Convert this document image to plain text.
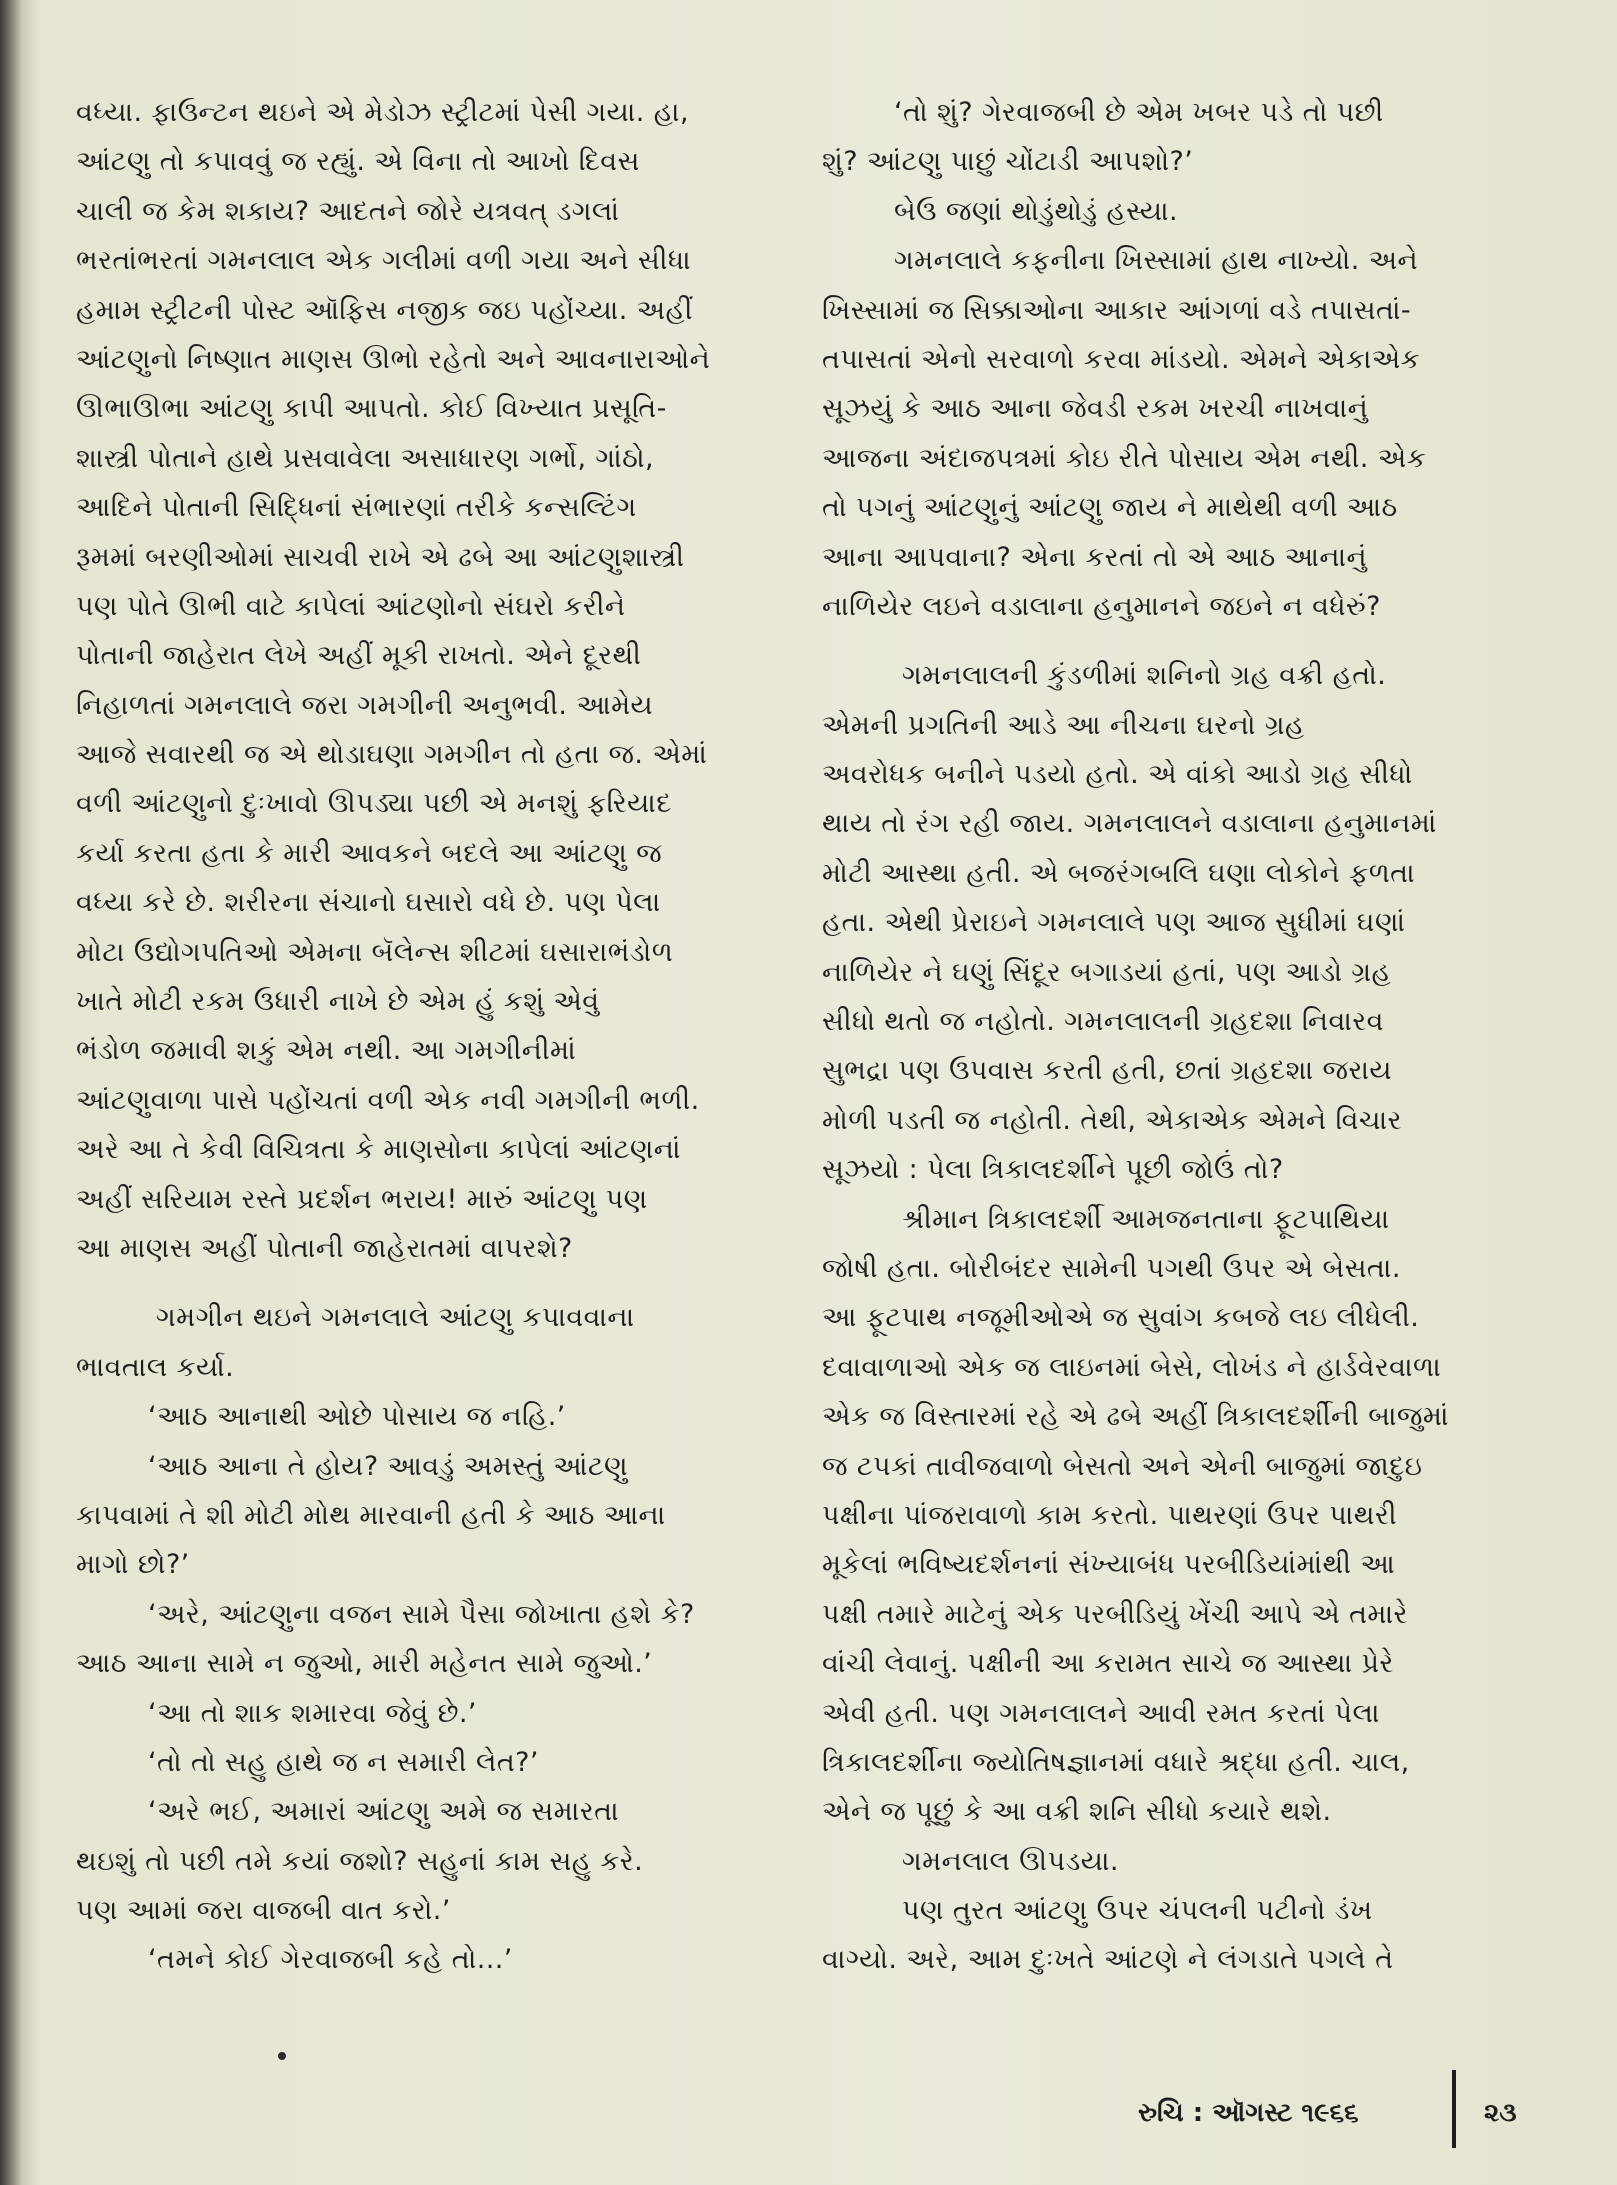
વધ્યા. ફાઉન્ટન થઇને એ મેડોઝ સ્ટ્રીટમાં પેસી ગયા. હા,
આંટણુ તો કપાવવું જ રહ્યું. એ વિના તો આખો દિવસ
ચાલી જ કેમ શકાય? આદતને જોરે યત્રવત્ ડગલાં
ભરતાંભરતાં ગમનલાલ એક ગલીમાં વળી ગયા અને સીધા
હમામ સ્ટ્રીટની પોસ્ટ ઑફિસ નજીક જઇ પહોંચ્યા. અહીં
આંટણુનો નિષ્ણાત માણસ ઊભો રહેતો અને આવનારાઓને
ઊભાઊભા આંટણુ કાપી આપતો. કોઈ વિખ્યાત પ્રસૂતિ-
શાસ્ત્રી પોતાને હાથે પ્રસવાવેલા અસાધારણ ગર્ભો, ગાંઠો,
આદિને પોતાની સિદ્ધિનાં સંભારણાં તરીકે કન્સલ્ટિંગ
રૂમમાં બરણીઓમાં સાચવી રાખે એ ઢબે આ આંટણુશાસ્ત્રી
પણ પોતે ઊભી વાટે કાપેલાં આંટણોનો સંઘરો કરીને
પોતાની જાહેરાત લેખે અહીં મૂકી રાખતો. એને દૂરથી
નિહાળતાં ગમનલાલે જરા ગમગીની અનુભવી. આમેય
આજે સવારથી જ એ થોડાઘણા ગમગીન તો હતા જ. એમાં
વળી આંટણુનો દુઃખાવો ઊપડ્યા પછી એ મનશું ફરિયાદ
કર્યા કરતા હતા કે મારી આવકને બદલે આ આંટણુ જ
વધ્યા કરે છે. શરીરના સંચાનો ઘસારો વધે છે. પણ પેલા
મોટા ઉદ્યોગપતિઓ એમના બૅલેન્સ શીટમાં ઘસારાભંડોળ
ખાતે મોટી રકમ ઉધારી નાખે છે એમ હું કશું એવું
ભંડોળ જમાવી શકું એમ નથી. આ ગમગીનીમાં
આંટણુવાળા પાસે પહોંચતાં વળી એક નવી ગમગીની ભળી.
અરે આ તે કેવી વિચિત્રતા કે માણસોના કાપેલાં આંટણનાં
અહીં સરિયામ રસ્તે પ્રદર્શન ભરાય! મારું આંટણુ પણ
આ માણસ અહીં પોતાની જાહેરાતમાં વાપરશે?
ગમગીન થઇને ગમનલાલે આંટણુ કપાવવાના
ભાવતાલ કર્યા.
‘આઠ આનાથી ઓછે પોસાય જ નહિ.’
‘આઠ આના તે હોય? આવડું અમસ્તું આંટણુ
કાપવામાં તે શી મોટી મોથ મારવાની હતી કે આઠ આના
માગો છો?’
‘અરે, આંટણુના વજન સામે પૈસા જોખાતા હશે કે?
આઠ આના સામે ન જુઓ, મારી મહેનત સામે જુઓ.’
‘આ તો શાક શમારવા જેવું છે.’
‘તો તો સહુ હાથે જ ન સમારી લેત?’
‘અરે ભઈ, અમારાં આંટણુ અમે જ સમારતા
થઇશું તો પછી તમે કયાં જશો? સહુનાં કામ સહુ કરે.
પણ આમાં જરા વાજબી વાત કરો.’
‘તમને કોઈ ગેરવાજબી કહે તો...’
‘તો શું? ગેરવાજબી છે એમ ખબર પડે તો પછી
શું? આંટણુ પાછું ચોંટાડી આપશો?’
બેઉ જણાં થોડુંથોડું હસ્યા.
ગમનલાલે કફનીના ખિસ્સામાં હાથ નાખ્યો. અને
ખિસ્સામાં જ સિક્કાઓના આકાર આંગળાં વડે તપાસતાં-
તપાસતાં એનો સરવાળો કરવા માંડયો. એમને એકાએક
સૂઝયું કે આઠ આના જેવડી રકમ ખરચી નાખવાનું
આજના અંદાજપત્રમાં કોઇ રીતે પોસાય એમ નથી. એક
તો પગનું આંટણુનું આંટણુ જાય ને માથેથી વળી આઠ
આના આપવાના? એના કરતાં તો એ આઠ આનાનું
નાળિયેર લઇને વડાલાના હનુમાનને જઇને ન વધેરું?
ગમનલાલની કુંડળીમાં શનિનો ગ્રહ વક્રી હતો.
એમની પ્રગતિની આડે આ નીચના ઘરનો ગ્રહ
અવરોધક બનીને પડયો હતો. એ વાંકો આડો ગ્રહ સીધો
થાય તો રંગ રહી જાય. ગમનલાલને વડાલાના હનુમાનમાં
મોટી આસ્થા હતી. એ બજરંગબલિ ઘણા લોકોને ફળતા
હતા. એથી પ્રેરાઇને ગમનલાલે પણ આજ સુધીમાં ઘણાં
નાળિયેર ને ઘણું સિંદૂર બગાડયાં હતાં, પણ આડો ગ્રહ
સીધો થતો જ નહોતો. ગમનલાલની ગ્રહદશા નિવારવ
સુભદ્રા પણ ઉપવાસ કરતી હતી, છતાં ગ્રહદશા જરાય
મોળી પડતી જ નહોતી. તેથી, એકાએક એમને વિચાર
સૂઝયો : પેલા ત્રિકાલદર્શીને પૂછી જોઉં તો?
શ્રીમાન ત્રિકાલદર્શી આમજનતાના ફૂટપાથિયા
જોષી હતા. બોરીબંદર સામેની પગથી ઉપર એ બેસતા.
આ ફૂટપાથ નજૂમીઓએ જ સુવાંગ કબજે લઇ લીધેલી.
દવાવાળાઓ એક જ લાઇનમાં બેસે, લોખંડ ને હાર્ડવેરવાળા
એક જ વિસ્તારમાં રહે એ ઢબે અહીં ત્રિકાલદર્શીની બાજુમાં
જ ટપકાં તાવીજવાળો બેસતો અને એની બાજુમાં જાદુઇ
પક્ષીના પાંજરાવાળો કામ કરતો. પાથરણાં ઉપર પાથરી
મૂકેલાં ભવિષ્યદર્શનનાં સંખ્યાબંધ પરબીડિયાંમાંથી આ
પક્ષી તમારે માટેનું એક પરબીડિયું ખેંચી આપે એ તમારે
વાંચી લેવાનું. પક્ષીની આ કરામત સાચે જ આસ્થા પ્રેરે
એવી હતી. પણ ગમનલાલને આવી રમત કરતાં પેલા
ત્રિકાલદર્શીના જ્યોતિષજ્ઞાનમાં વધારે શ્રદ્ધા હતી. ચાલ,
એને જ પૂછું કે આ વક્રી શનિ સીધો કયારે થશે.
ગમનલાલ ઊપડયા.
પણ તુરત આંટણુ ઉપર ચંપલની પટીનો ડંખ
વાગ્યો. અરે, આમ દુઃખતે આંટણે ને લંગડાતે પગલે તે
રુચિ : ઑગસ્ટ ૧૯૬૬	૨૩
